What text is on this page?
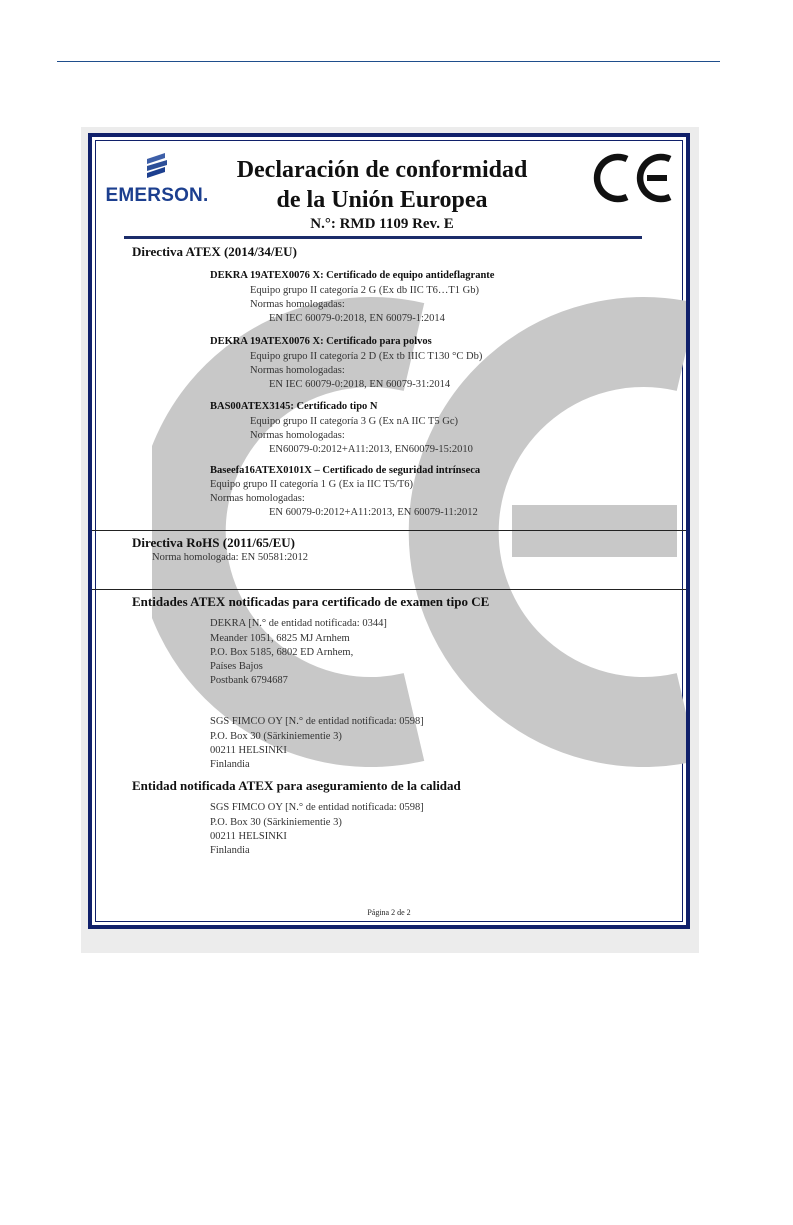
EMERSON.
Declaración de conformidad
de la Unión Europea
N.°: RMD 1109 Rev. E
Directiva ATEX (2014/34/EU)
DEKRA 19ATEX0076 X: Certificado de equipo antideflagrante
Equipo grupo II categoría 2 G (Ex db IIC T6…T1 Gb)
Normas homologadas:
EN IEC 60079-0:2018, EN 60079-1:2014
DEKRA 19ATEX0076 X: Certificado para polvos
Equipo grupo II categoría 2 D (Ex tb IIIC T130 °C Db)
Normas homologadas:
EN IEC 60079-0:2018, EN 60079-31:2014
BAS00ATEX3145: Certificado tipo N
Equipo grupo II categoría 3 G (Ex nA IIC T5 Gc)
Normas homologadas:
EN60079-0:2012+A11:2013, EN60079-15:2010
Baseefa16ATEX0101X – Certificado de seguridad intrínseca
Equipo grupo II categoría 1 G (Ex ia IIC T5/T6)
Normas homologadas:
EN 60079-0:2012+A11:2013, EN 60079-11:2012
Directiva RoHS (2011/65/EU)
Norma homologada: EN 50581:2012
Entidades ATEX notificadas para certificado de examen tipo CE
DEKRA [N.° de entidad notificada: 0344]
Meander 1051, 6825 MJ Arnhem
P.O. Box 5185, 6802 ED Arnhem,
Países Bajos
Postbank 6794687
SGS FIMCO OY [N.° de entidad notificada: 0598]
P.O. Box 30 (Särkiniementie 3)
00211 HELSINKI
Finlandia
Entidad notificada ATEX para aseguramiento de la calidad
SGS FIMCO OY [N.° de entidad notificada: 0598]
P.O. Box 30 (Särkiniementie 3)
00211 HELSINKI
Finlandia
Página 2 de 2
